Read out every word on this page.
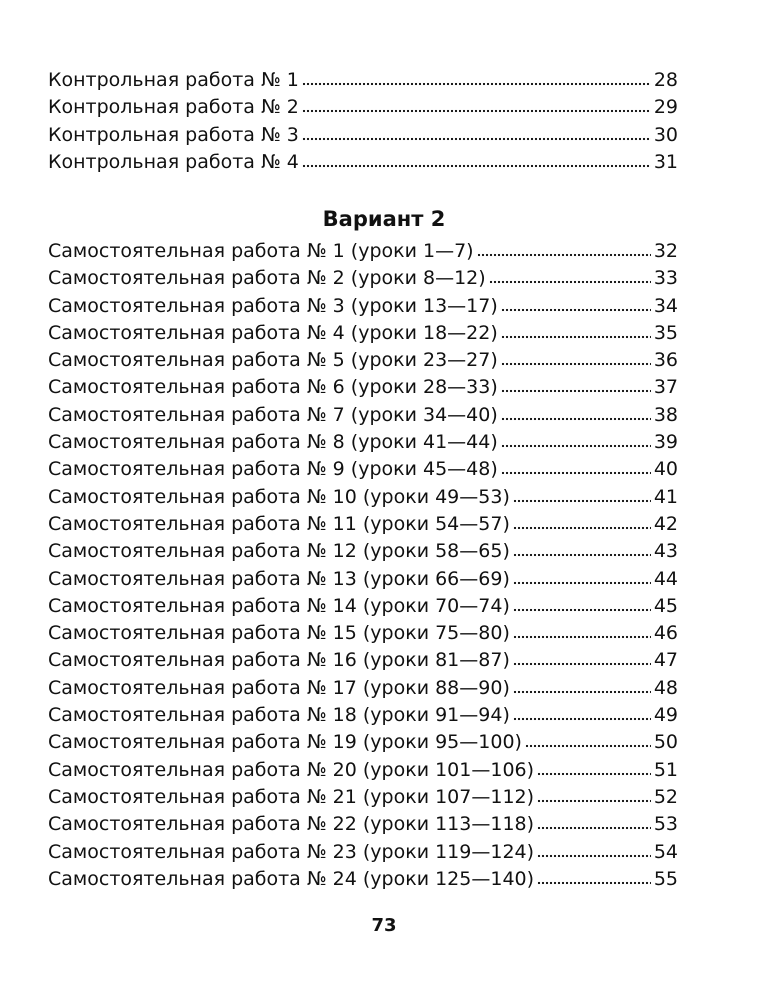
Контрольная работа № 1	28
Контрольная работа № 2	29
Контрольная работа № 3	30
Контрольная работа № 4	31
Вариант 2
Самостоятельная работа № 1 (уроки 1—7)	32
Самостоятельная работа № 2 (уроки 8—12)	33
Самостоятельная работа № 3 (уроки 13—17)	34
Самостоятельная работа № 4 (уроки 18—22)	35
Самостоятельная работа № 5 (уроки 23—27)	36
Самостоятельная работа № 6 (уроки 28—33)	37
Самостоятельная работа № 7 (уроки 34—40)	38
Самостоятельная работа № 8 (уроки 41—44)	39
Самостоятельная работа № 9 (уроки 45—48)	40
Самостоятельная работа № 10 (уроки 49—53)	41
Самостоятельная работа № 11 (уроки 54—57)	42
Самостоятельная работа № 12 (уроки 58—65)	43
Самостоятельная работа № 13 (уроки 66—69)	44
Самостоятельная работа № 14 (уроки 70—74)	45
Самостоятельная работа № 15 (уроки 75—80)	46
Самостоятельная работа № 16 (уроки 81—87)	47
Самостоятельная работа № 17 (уроки 88—90)	48
Самостоятельная работа № 18 (уроки 91—94)	49
Самостоятельная работа № 19 (уроки 95—100)	50
Самостоятельная работа № 20 (уроки 101—106)	51
Самостоятельная работа № 21 (уроки 107—112)	52
Самостоятельная работа № 22 (уроки 113—118)	53
Самостоятельная работа № 23 (уроки 119—124)	54
Самостоятельная работа № 24 (уроки 125—140)	55
73
